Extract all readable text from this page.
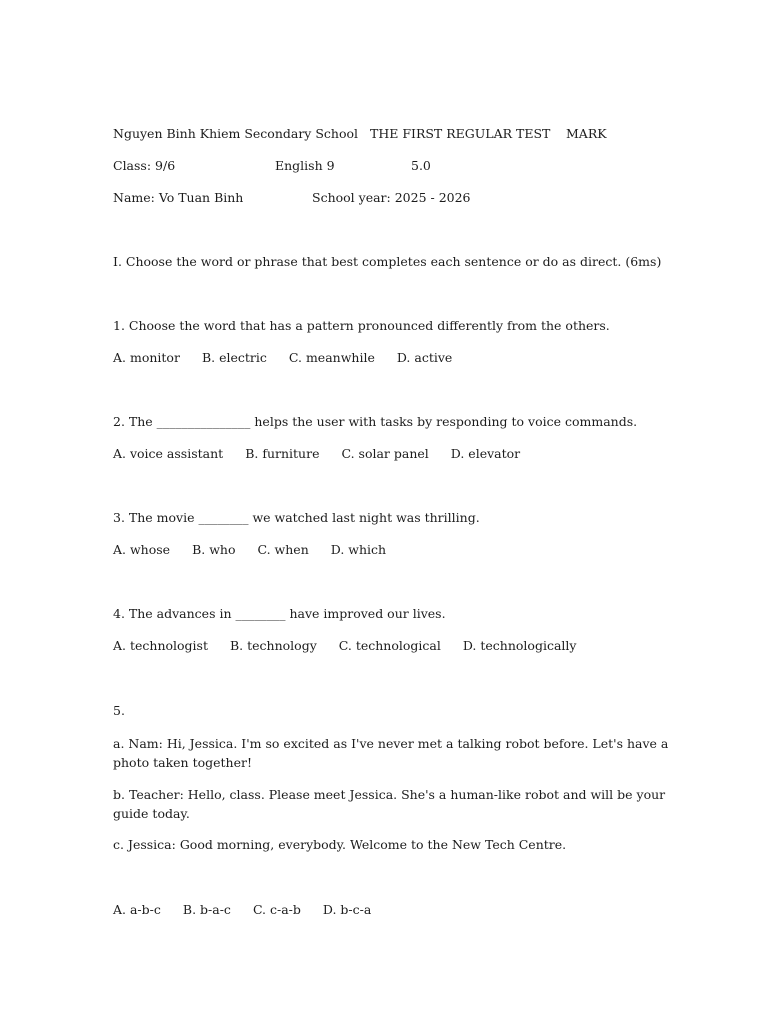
Nguyen Binh Khiem Secondary School THE FIRST REGULAR TEST MARK
Class: 9/6	English 9	5.0
Name: Vo Tuan Binh	School year: 2025 - 2026
I. Choose the word or phrase that best completes each sentence or do as direct. (6ms)
1. Choose the word that has a pattern pronounced differently from the others.
A. monitor B. electric C. meanwhile D. active
2. The _______________ helps the user with tasks by responding to voice commands.
A. voice assistant B. furniture C. solar panel D. elevator
3. The movie ________ we watched last night was thrilling.
A. whose B. who C. when D. which
4. The advances in ________ have improved our lives.
A. technologist B. technology C. technological D. technologically
5.
a. Nam: Hi, Jessica. I'm so excited as I've never met a talking robot before. Let's have a photo taken together!
b. Teacher: Hello, class. Please meet Jessica. She's a human-like robot and will be your guide today.
c. Jessica: Good morning, everybody. Welcome to the New Tech Centre.
A. a-b-c B. b-a-c C. c-a-b D. b-c-a
